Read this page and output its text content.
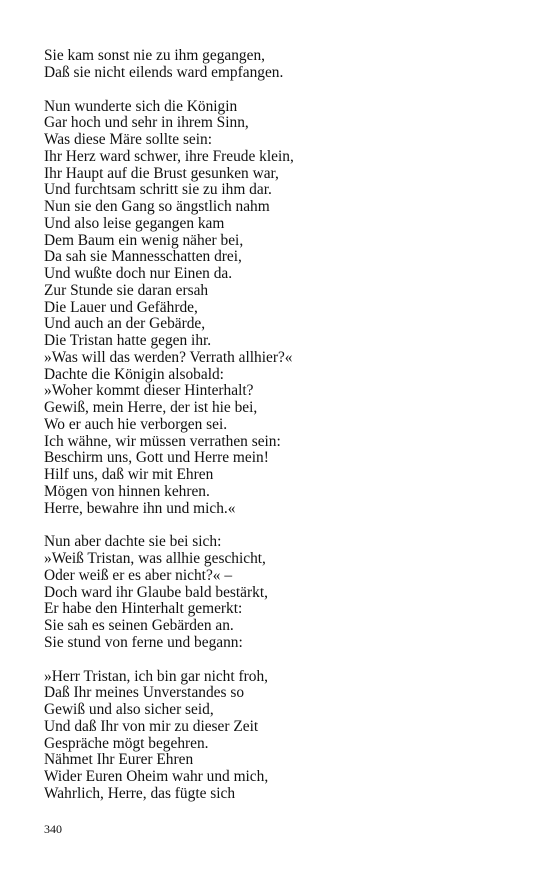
Sie kam sonst nie zu ihm gegangen,
Daß sie nicht eilends ward empfangen.
Nun wunderte sich die Königin
Gar hoch und sehr in ihrem Sinn,
Was diese Märe sollte sein:
Ihr Herz ward schwer, ihre Freude klein,
Ihr Haupt auf die Brust gesunken war,
Und furchtsam schritt sie zu ihm dar.
Nun sie den Gang so ängstlich nahm
Und also leise gegangen kam
Dem Baum ein wenig näher bei,
Da sah sie Mannesschatten drei,
Und wußte doch nur Einen da.
Zur Stunde sie daran ersah
Die Lauer und Gefährde,
Und auch an der Gebärde,
Die Tristan hatte gegen ihr.
»Was will das werden? Verrath allhier?«
Dachte die Königin alsobald:
»Woher kommt dieser Hinterhalt?
Gewiß, mein Herre, der ist hie bei,
Wo er auch hie verborgen sei.
Ich wähne, wir müssen verrathen sein:
Beschirm uns, Gott und Herre mein!
Hilf uns, daß wir mit Ehren
Mögen von hinnen kehren.
Herre, bewahre ihn und mich.«
Nun aber dachte sie bei sich:
»Weiß Tristan, was allhie geschicht,
Oder weiß er es aber nicht?« –
Doch ward ihr Glaube bald bestärkt,
Er habe den Hinterhalt gemerkt:
Sie sah es seinen Gebärden an.
Sie stund von ferne und begann:
»Herr Tristan, ich bin gar nicht froh,
Daß Ihr meines Unverstandes so
Gewiß und also sicher seid,
Und daß Ihr von mir zu dieser Zeit
Gespräche mögt begehren.
Nähmet Ihr Eurer Ehren
Wider Euren Oheim wahr und mich,
Wahrlich, Herre, das fügte sich
340
